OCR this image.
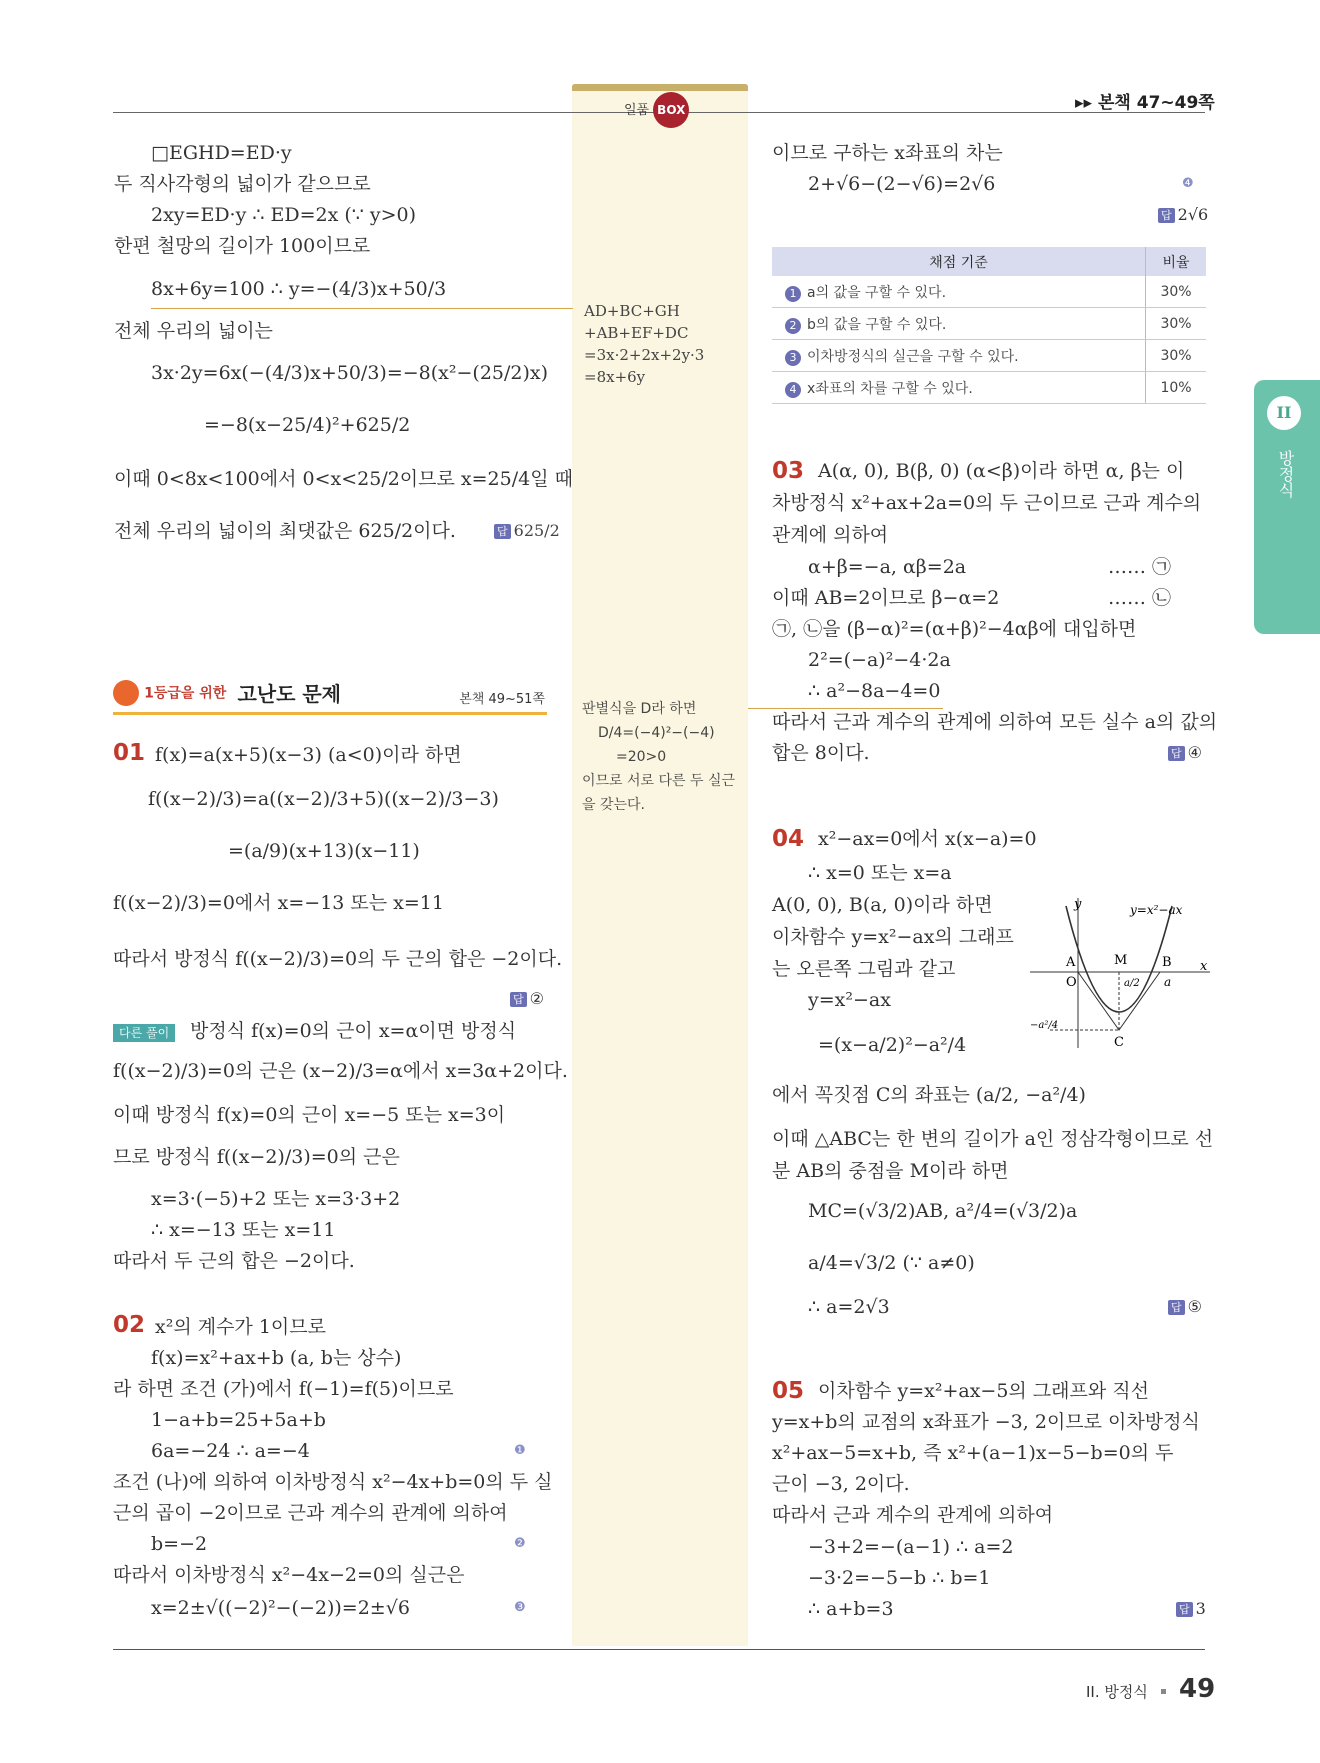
일품 BOX	▸▸ 본책 47~49쪽
II
방정식
□EGHD=ED·y
두 직사각형의 넓이가 같으므로
2xy=ED·y ∴ ED=2x (∵ y>0)
한편 철망의 길이가 100이므로
8x+6y=100 ∴ y=−(4/3)x+50/3
전체 우리의 넓이는
3x·2y=6x(−(4/3)x+50/3)=−8(x²−(25/2)x)
=−8(x−25/4)²+625/2
이때 0<8x<100에서 0<x<25/2이므로 x=25/4일 때
전체 우리의 넓이의 최댓값은 625/2이다.	답 625/2
AD+BC+GH
+AB+EF+DC
=3x·2+2x+2y·3
=8x+6y
판별식을 D라 하면
D/4=(−4)²−(−4)
=20>0
이므로 서로 다른 두 실근
을 갖는다.
1등급을 위한 고난도 문제	본책 49~51쪽
01 f(x)=a(x+5)(x−3) (a<0)이라 하면
f((x−2)/3)=a((x−2)/3+5)((x−2)/3−3)
=(a/9)(x+13)(x−11)
f((x−2)/3)=0에서 x=−13 또는 x=11
따라서 방정식 f((x−2)/3)=0의 두 근의 합은 −2이다.
답 ②
다른 풀이	방정식 f(x)=0의 근이 x=α이면 방정식
f((x−2)/3)=0의 근은 (x−2)/3=α에서 x=3α+2이다.
이때 방정식 f(x)=0의 근이 x=−5 또는 x=3이
므로 방정식 f((x−2)/3)=0의 근은
x=3·(−5)+2 또는 x=3·3+2
∴ x=−13 또는 x=11
따라서 두 근의 합은 −2이다.
02 x²의 계수가 1이므로
f(x)=x²+ax+b (a, b는 상수)
라 하면 조건 (가)에서 f(−1)=f(5)이므로
1−a+b=25+5a+b
6a=−24 ∴ a=−4	❶
조건 (나)에 의하여 이차방정식 x²−4x+b=0의 두 실
근의 곱이 −2이므로 근과 계수의 관계에 의하여
b=−2	❷
따라서 이차방정식 x²−4x−2=0의 실근은
x=2±√((−2)²−(−2))=2±√6	❸
이므로 구하는 x좌표의 차는
2+√6−(2−√6)=2√6	❹
답 2√6
채점 기준	비율
1 a의 값을 구할 수 있다.	30%
2 b의 값을 구할 수 있다.	30%
3 이차방정식의 실근을 구할 수 있다.	30%
4 x좌표의 차를 구할 수 있다.	10%
03 A(α, 0), B(β, 0) (α<β)이라 하면 α, β는 이
차방정식 x²+ax+2a=0의 두 근이므로 근과 계수의
관계에 의하여
α+β=−a, αβ=2a	…… ㉠
이때 AB=2이므로 β−α=2	…… ㉡
㉠, ㉡을 (β−α)²=(α+β)²−4αβ에 대입하면
2²=(−a)²−4·2a
∴ a²−8a−4=0
따라서 근과 계수의 관계에 의하여 모든 실수 a의 값의
합은 8이다.	답 ④
04 x²−ax=0에서 x(x−a)=0
∴ x=0 또는 x=a
A(0, 0), B(a, 0)이라 하면
이차함수 y=x²−ax의 그래프
는 오른쪽 그림과 같고
y=x²−ax
=(x−a/2)²−a²/4
에서 꼭짓점 C의 좌표는 (a/2, −a²/4)
이때 △ABC는 한 변의 길이가 a인 정삼각형이므로 선
분 AB의 중점을 M이라 하면
MC=(√3/2)AB, a²/4=(√3/2)a
a/4=√3/2 (∵ a≠0)
∴ a=2√3	답 ⑤
y
x
O
A	M	B
a
a/2
C
−a²/4
y=x²−ax
05 이차함수 y=x²+ax−5의 그래프와 직선
y=x+b의 교점의 x좌표가 −3, 2이므로 이차방정식
x²+ax−5=x+b, 즉 x²+(a−1)x−5−b=0의 두
근이 −3, 2이다.
따라서 근과 계수의 관계에 의하여
−3+2=−(a−1) ∴ a=2
−3·2=−5−b ∴ b=1
∴ a+b=3	답 3
II. 방정식 49
